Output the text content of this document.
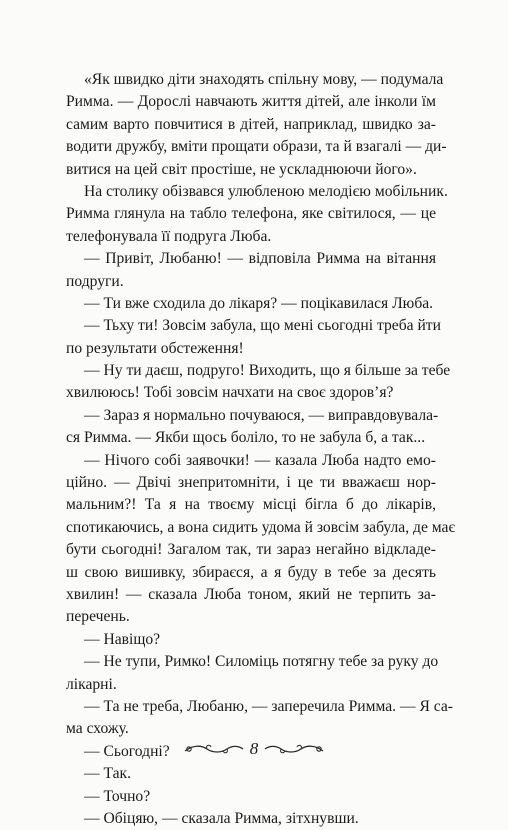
«Як швидко діти знаходять спільну мову, — подумала
Римма. — Дорослі навчають життя дітей, але інколи їм
самим варто повчитися в дітей, наприклад, швидко за-
водити дружбу, вміти прощати образи, та й взагалі — ди-
витися на цей світ простіше, не ускладнюючи його».
На столику обізвався улюбленою мелодією мобільник.
Римма глянула на табло телефона, яке світилося, — це
телефонувала її подруга Люба.
— Привіт, Любаню! — відповіла Римма на вітання
подруги.
— Ти вже сходила до лікаря? — поцікавилася Люба.
— Тьху ти! Зовсім забула, що мені сьогодні треба йти
по результати обстеження!
— Ну ти даєш, подруго! Виходить, що я більше за тебе
хвилююсь! Тобі зовсім начхати на своє здоров’я?
— Зараз я нормально почуваюся, — виправдовувала-
ся Римма. — Якби щось боліло, то не забула б, а так...
— Нічого собі заявочки! — казала Люба надто емо-
ційно. — Двічі знепритомніти, і це ти вважаєш нор-
мальним?! Та я на твоєму місці бігла б до лікарів,
спотикаючись, а вона сидить удома й зовсім забула, де має
бути сьогодні! Загалом так, ти зараз негайно відкладе-
ш свою вишивку, збираєся, а я буду в тебе за десять
хвилин! — сказала Люба тоном, який не терпить за-
перечень.
— Навіщо?
— Не тупи, Римко! Силоміць потягну тебе за руку до
лікарні.
— Та не треба, Любаню, — заперечила Римма. — Я са-
ма схожу.
— Сьогодні?
— Так.
— Точно?
— Обіцяю, — сказала Римма, зітхнувши.
8
